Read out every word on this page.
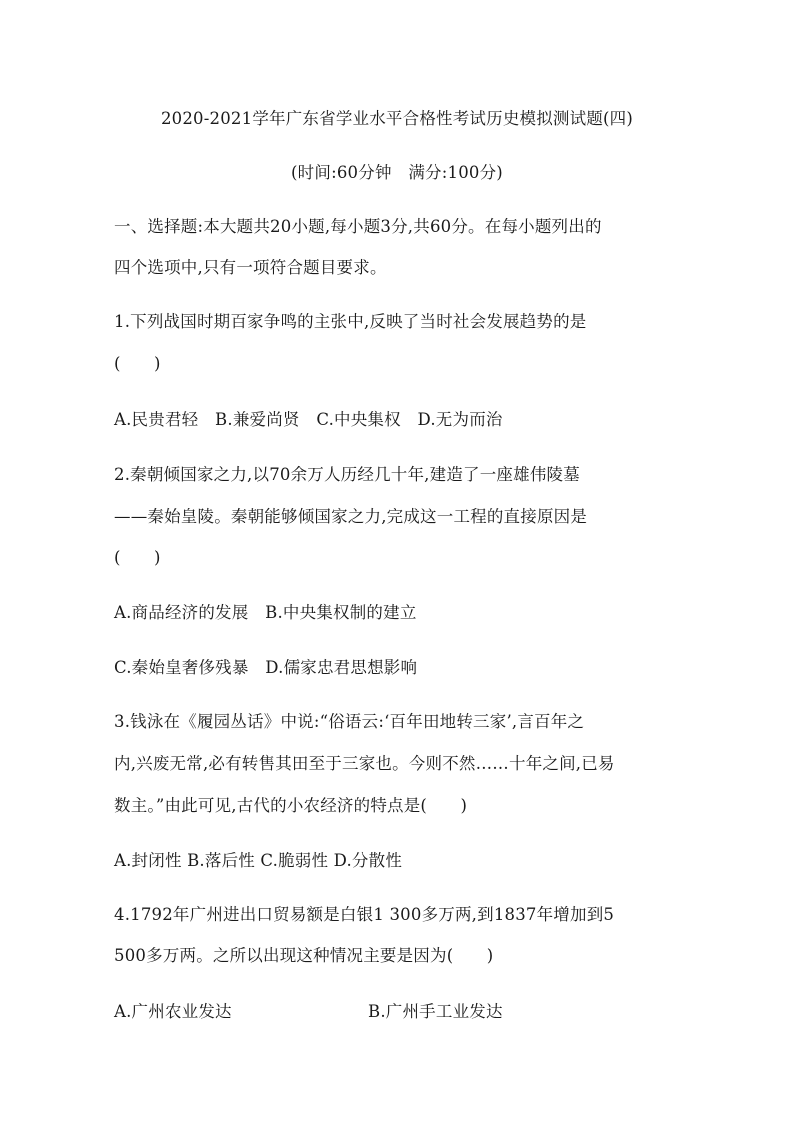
2020-2021学年广东省学业水平合格性考试历史模拟测试题(四)
(时间:60分钟　满分:100分)
一、选择题:本大题共20小题,每小题3分,共60分。在每小题列出的
四个选项中,只有一项符合题目要求。
1.下列战国时期百家争鸣的主张中,反映了当时社会发展趋势的是
(　　)
A.民贵君轻　B.兼爱尚贤　C.中央集权　D.无为而治
2.秦朝倾国家之力,以70余万人历经几十年,建造了一座雄伟陵墓
——秦始皇陵。秦朝能够倾国家之力,完成这一工程的直接原因是
(　　)
A.商品经济的发展　B.中央集权制的建立
C.秦始皇奢侈残暴　D.儒家忠君思想影响
3.钱泳在《履园丛话》中说:“俗语云:‘百年田地转三家’,言百年之
内,兴废无常,必有转售其田至于三家也。今则不然……十年之间,已易
数主。”由此可见,古代的小农经济的特点是(　　)
A.封闭性 B.落后性 C.脆弱性 D.分散性
4.1792年广州进出口贸易额是白银1 300多万两,到1837年增加到5
500多万两。之所以出现这种情况主要是因为(　　)
A.广州农业发达	B.广州手工业发达
